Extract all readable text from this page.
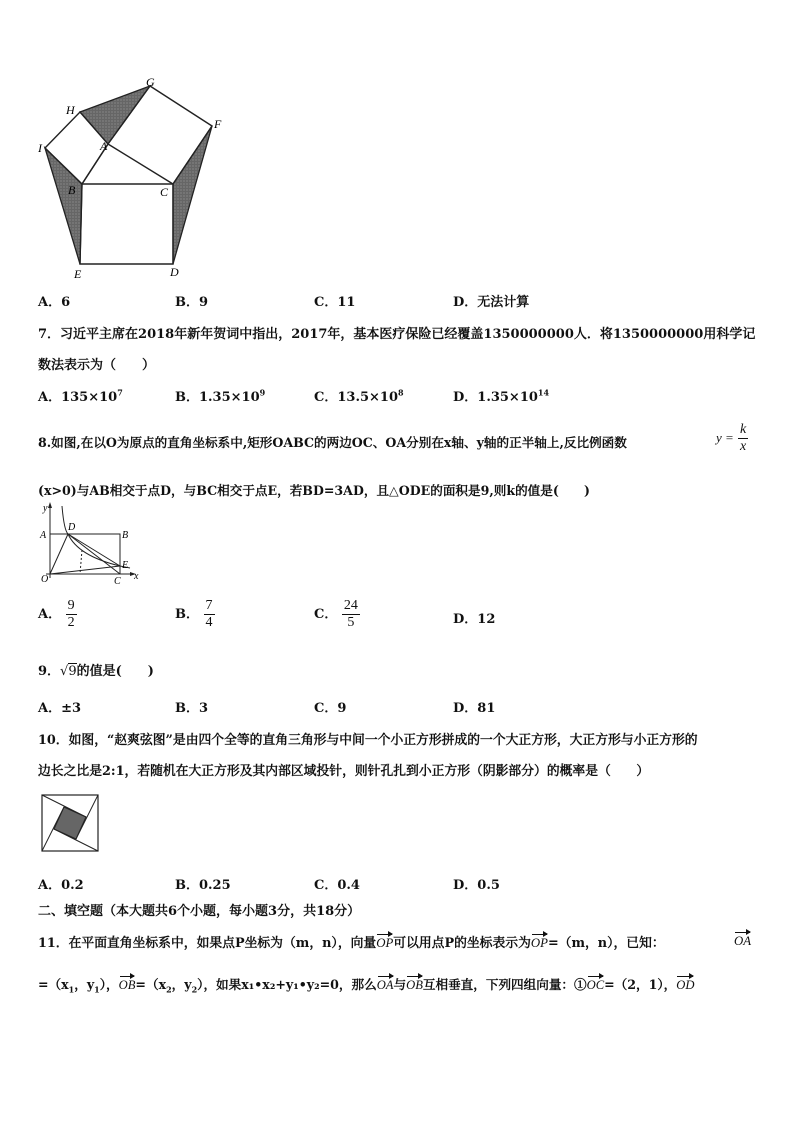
G
H
F
I	A
B	C
E	D
A．6	B．9	C．11	D．无法计算
7．习近平主席在2018年新年贺词中指出，2017年，基本医疗保险已经覆盖1350000000人．将1350000000用科学记
数法表示为（　　）
A．$135\times 10^7$	B．$1.35\times 10^9$	C．$13.5\times 10^8$	D．$1.35\times 10^{14}$
8.如图,在以O为原点的直角坐标系中,矩形OABC的两边OC、OA分别在x轴、y轴的正半轴上,反比例函数	$y = \frac{k}{x}$
(x>0)与AB相交于点D，与BC相交于点E，若BD=3AD，且△ODE的面积是9,则k的值是(　　)
y
A
D
B
E
O	C x
A． $\frac{9}{2}$	B． $\frac{7}{4}$	C． $\frac{24}{5}$	D．12
9．√9的值是(　　)
A．±3	B．3	C．9	D．81
10．如图，“赵爽弦图”是由四个全等的直角三角形与中间一个小正方形拼成的一个大正方形，大正方形与小正方形的
边长之比是2:1，若随机在大正方形及其内部区域投针，则针孔扎到小正方形（阴影部分）的概率是（　　）
A．0.2	B．0.25	C．0.4	D．0.5
二、填空题（本大题共6个小题，每小题3分，共18分）
11．在平面直角坐标系中，如果点P坐标为（m，n），向量OP可以用点P的坐标表示为OP=（m，n），已知：	OA
$=(x_1$，$y_1$），$OB=(x_2$，$y_2$），如果x₁•x₂+y₁•y₂=0，那么OA与OB互相垂直，下列四组向量：①OC=（2，1），OD
